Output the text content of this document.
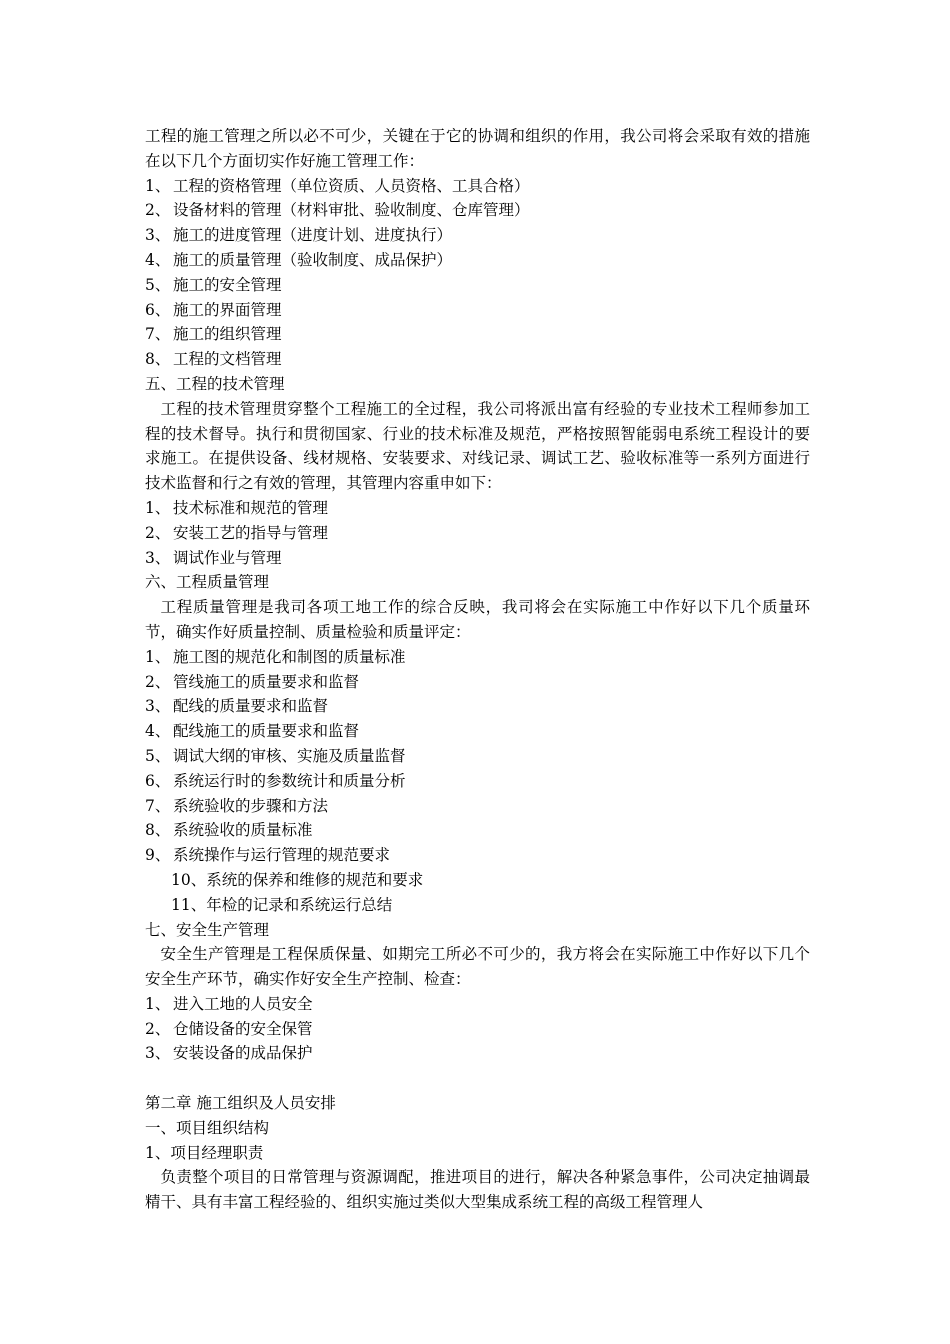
工程的施工管理之所以必不可少，关键在于它的协调和组织的作用，我公司将会采取有效的措施在以下几个方面切实作好施工管理工作：
1、 工程的资格管理（单位资质、人员资格、工具合格）
2、 设备材料的管理（材料审批、验收制度、仓库管理）
3、 施工的进度管理（进度计划、进度执行）
4、 施工的质量管理（验收制度、成品保护）
5、 施工的安全管理
6、 施工的界面管理
7、 施工的组织管理
8、 工程的文档管理
五、工程的技术管理
工程的技术管理贯穿整个工程施工的全过程，我公司将派出富有经验的专业技术工程师参加工程的技术督导。执行和贯彻国家、行业的技术标准及规范，严格按照智能弱电系统工程设计的要求施工。在提供设备、线材规格、安装要求、对线记录、调试工艺、验收标准等一系列方面进行技术监督和行之有效的管理，其管理内容重申如下：
1、 技术标准和规范的管理
2、 安装工艺的指导与管理
3、 调试作业与管理
六、工程质量管理
工程质量管理是我司各项工地工作的综合反映，我司将会在实际施工中作好以下几个质量环节，确实作好质量控制、质量检验和质量评定：
1、 施工图的规范化和制图的质量标准
2、 管线施工的质量要求和监督
3、 配线的质量要求和监督
4、 配线施工的质量要求和监督
5、 调试大纲的审核、实施及质量监督
6、 系统运行时的参数统计和质量分析
7、 系统验收的步骤和方法
8、 系统验收的质量标准
9、 系统操作与运行管理的规范要求
10、系统的保养和维修的规范和要求
11、年检的记录和系统运行总结
七、安全生产管理
安全生产管理是工程保质保量、如期完工所必不可少的，我方将会在实际施工中作好以下几个安全生产环节，确实作好安全生产控制、检查：
1、 进入工地的人员安全
2、 仓储设备的安全保管
3、 安装设备的成品保护
第二章 施工组织及人员安排
一、项目组织结构
1、项目经理职责
负责整个项目的日常管理与资源调配，推进项目的进行，解决各种紧急事件，公司决定抽调最精干、具有丰富工程经验的、组织实施过类似大型集成系统工程的高级工程管理人
